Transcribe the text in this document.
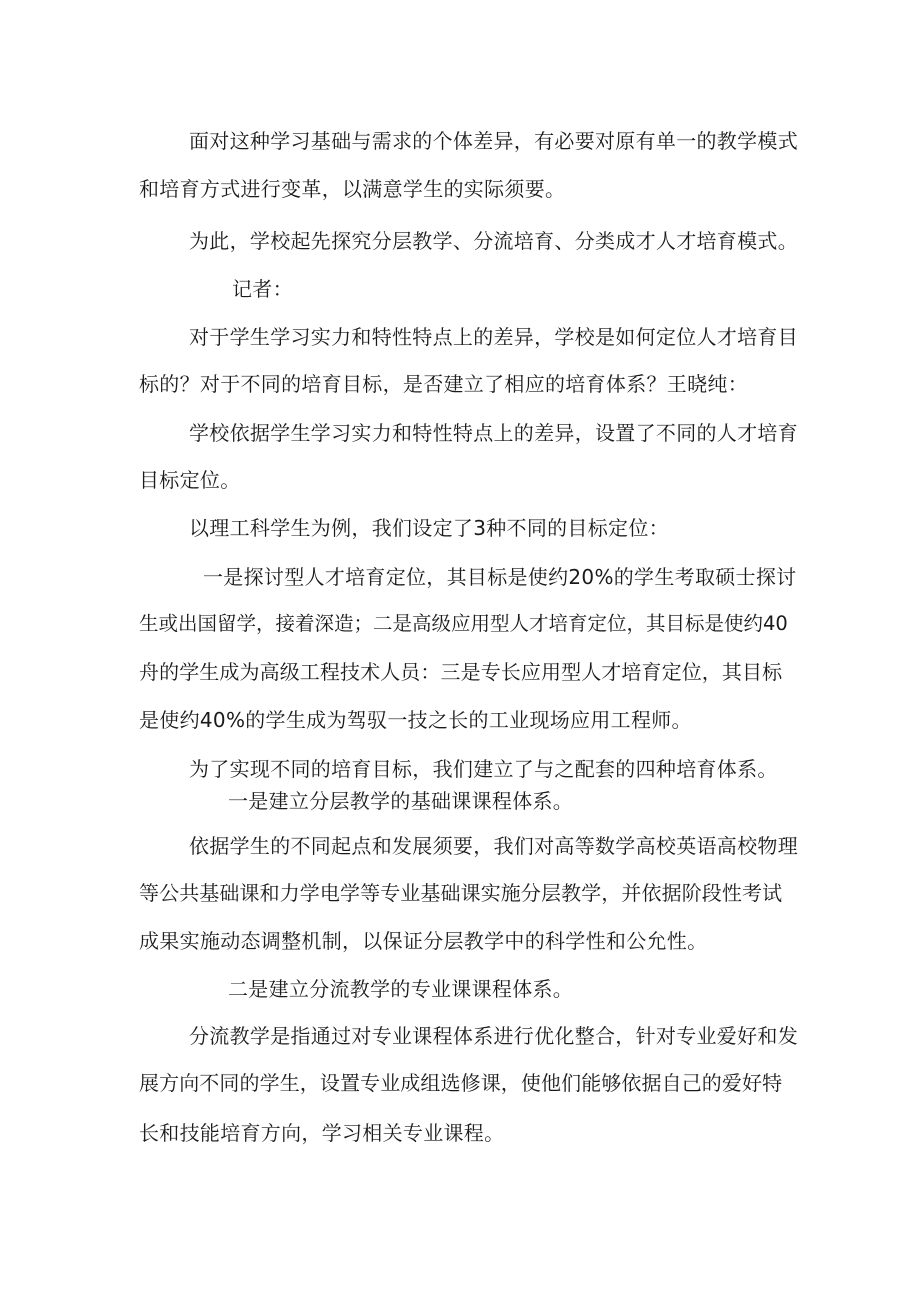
面对这种学习基础与需求的个体差异，有必要对原有单一的教学模式
和培育方式进行变革，以满意学生的实际须要。
为此，学校起先探究分层教学、分流培育、分类成才人才培育模式。
记者：
对于学生学习实力和特性特点上的差异，学校是如何定位人才培育目
标的？对于不同的培育目标，是否建立了相应的培育体系？王晓纯：
学校依据学生学习实力和特性特点上的差异，设置了不同的人才培育
目标定位。
以理工科学生为例，我们设定了3种不同的目标定位：
一是探讨型人才培育定位，其目标是使约20%的学生考取硕士探讨
生或出国留学，接着深造；二是高级应用型人才培育定位，其目标是使约40
舟的学生成为高级工程技术人员：三是专长应用型人才培育定位，其目标
是使约40%的学生成为驾驭一技之长的工业现场应用工程师。
为了实现不同的培育目标，我们建立了与之配套的四种培育体系。
一是建立分层教学的基础课课程体系。
依据学生的不同起点和发展须要，我们对高等数学高校英语高校物理
等公共基础课和力学电学等专业基础课实施分层教学，并依据阶段性考试
成果实施动态调整机制，以保证分层教学中的科学性和公允性。
二是建立分流教学的专业课课程体系。
分流教学是指通过对专业课程体系进行优化整合，针对专业爱好和发
展方向不同的学生，设置专业成组选修课，使他们能够依据自己的爱好特
长和技能培育方向，学习相关专业课程。
